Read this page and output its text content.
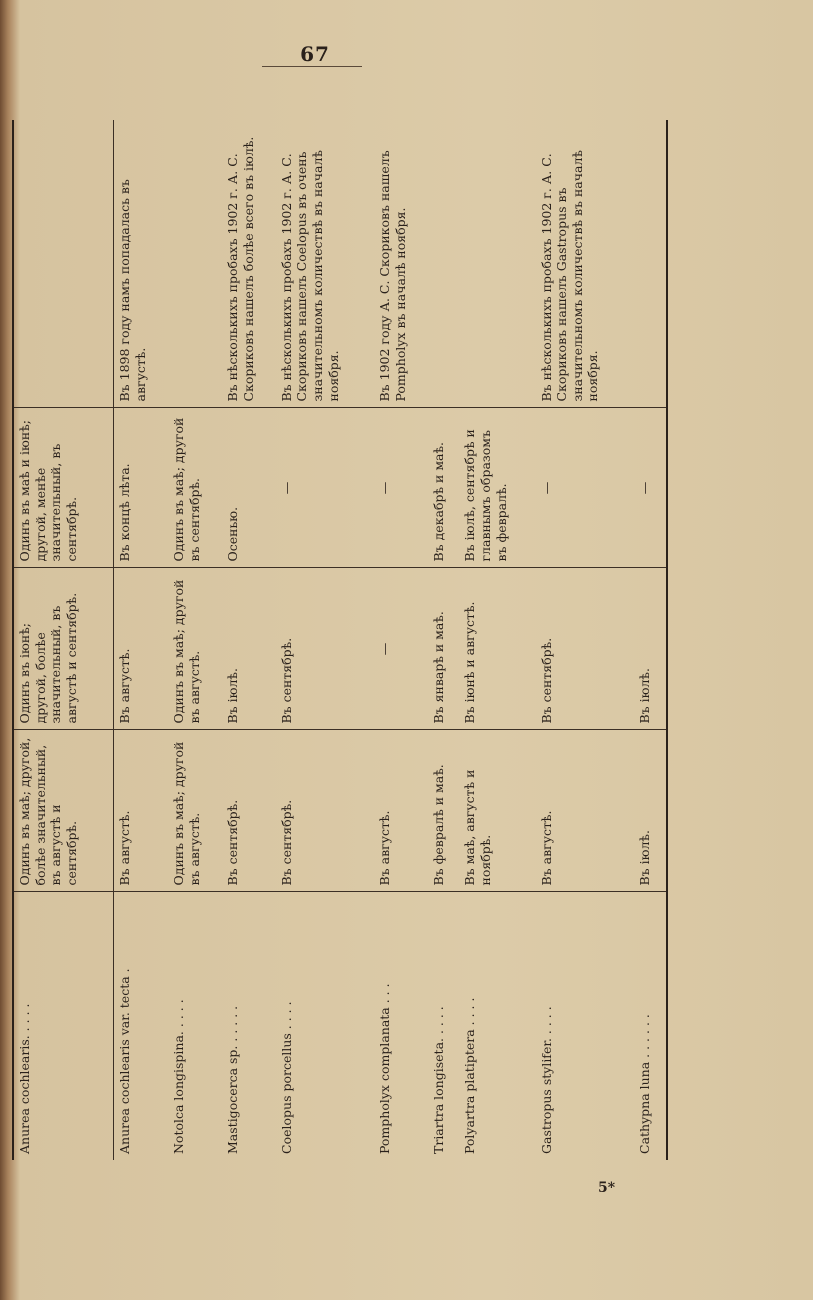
67
Anurea cochlearis. . . . .	Одинъ въ маѣ; другой, болѣе значительный, въ августѣ и сентябрѣ.	Одинъ въ іюнѣ; другой, болѣе значительный, въ августѣ и сентябрѣ.	Одинъ въ маѣ и іюнѣ; другой, менѣе значительный, въ сентябрѣ.	
Anurea cochlearis var. tecta .	Въ августѣ.	Въ августѣ.	Въ концѣ лѣта.	Въ 1898 году намъ попадалась въ августѣ.
Notolca longispina. . . . .	Одинъ въ маѣ; другой въ августѣ.	Одинъ въ маѣ; другой въ августѣ.	Одинъ въ маѣ; другой въ сентябрѣ.	
Mastigocerca sp. . . . . .	Въ сентябрѣ.	Въ іюлѣ.	Осенью.	Въ нѣсколькихъ пробахъ 1902 г. А. С. Скориковъ нашелъ болѣе всего въ іюлѣ.
Coelopus porcellus . . . .	Въ сентябрѣ.	Въ сентябрѣ.	—	Въ нѣсколькихъ пробахъ 1902 г. А. С. Скориковъ нашелъ Coelopus въ очень значительномъ количествѣ въ началѣ ноября.
Pompholyx complanata . . .	Въ августѣ.	—	—	Въ 1902 году А. С. Скориковъ нашелъ Pompholyx въ началѣ ноября.
Triartra longiseta. . . . .	Въ февралѣ и маѣ.	Въ январѣ и маѣ.	Въ декабрѣ и маѣ.	
Polyartra platiptera . . . .	Въ маѣ, августѣ и ноябрѣ.	Въ іюнѣ и августѣ.	Въ іюлѣ, сентябрѣ и главнымъ образомъ въ февралѣ.	
Gastropus stylifer. . . . .	Въ августѣ.	Въ сентябрѣ.	—	Въ нѣсколькихъ пробахъ 1902 г. А. С. Скориковъ нашелъ Gastropus въ значительномъ количествѣ въ началѣ ноября.
Cathypna luna . . . . . .	Въ іюлѣ.	Въ іюлѣ.	—	
5*
